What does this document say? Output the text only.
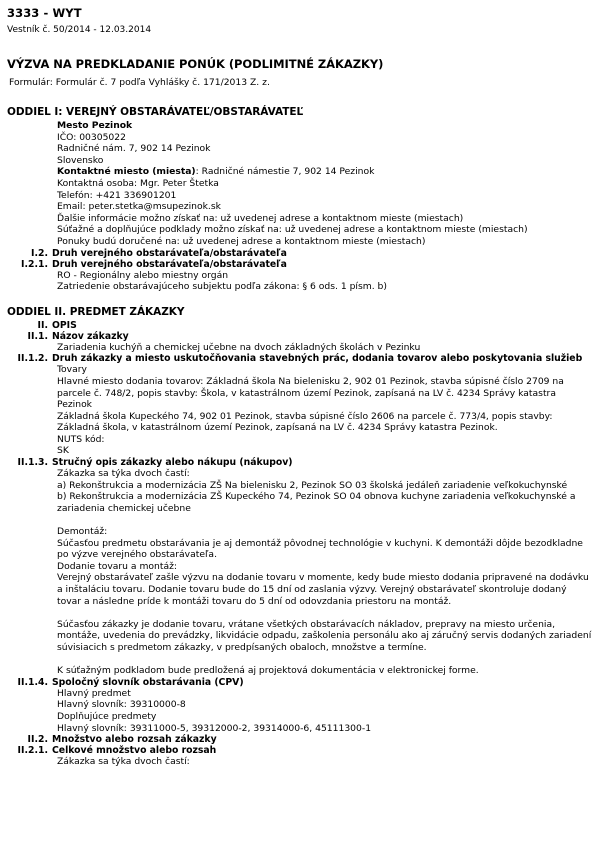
3333 - WYT
Vestník č. 50/2014 - 12.03.2014
VÝZVA NA PREDKLADANIE PONÚK (PODLIMITNÉ ZÁKAZKY)
Formulár: Formulár č. 7 podľa Vyhlášky č. 171/2013 Z. z.
ODDIEL I: VEREJNÝ OBSTARÁVATEĽ/OBSTARÁVATEĽ
Mesto Pezinok
IČO: 00305022
Radničné nám. 7, 902 14 Pezinok
Slovensko
Kontaktné miesto (miesta): Radničné námestie 7, 902 14 Pezinok
Kontaktná osoba: Mgr. Peter Štetka
Telefón: +421 336901201
Email: peter.stetka@msupezinok.sk
Ďalšie informácie možno získať na: už uvedenej adrese a kontaktnom mieste (miestach)
Súťažné a doplňujúce podklady možno získať na: už uvedenej adrese a kontaktnom mieste (miestach)
Ponuky budú doručené na: už uvedenej adrese a kontaktnom mieste (miestach)
I.2. Druh verejného obstarávateľa/obstarávateľa
I.2.1. Druh verejného obstarávateľa/obstarávateľa
RO - Regionálny alebo miestny orgán
Zatriedenie obstarávajúceho subjektu podľa zákona: § 6 ods. 1 písm. b)
ODDIEL II. PREDMET ZÁKAZKY
II. OPIS
II.1. Názov zákazky
Zariadenia kuchýň a chemickej učebne na dvoch základných školách v Pezinku
II.1.2. Druh zákazky a miesto uskutočňovania stavebných prác, dodania tovarov alebo poskytovania služieb
Tovary
Hlavné miesto dodania tovarov: Základná škola Na bielenisku 2, 902 01 Pezinok, stavba súpisné číslo 2709 na parcele č. 748/2, popis stavby: Škola, v katastrálnom území Pezinok, zapísaná na LV č. 4234 Správy katastra Pezinok
Základná škola Kupeckého 74, 902 01 Pezinok, stavba súpisné číslo 2606 na parcele č. 773/4, popis stavby: Základná škola, v katastrálnom území Pezinok, zapísaná na LV č. 4234 Správy katastra Pezinok.
NUTS kód:
SK
II.1.3. Stručný opis zákazky alebo nákupu (nákupov)
Zákazka sa týka dvoch častí:
a) Rekonštrukcia a modernizácia ZŠ Na bielenisku 2, Pezinok SO 03 školská jedáleň zariadenie veľkokuchynské
b) Rekonštrukcia a modernizácia ZŠ Kupeckého 74, Pezinok SO 04 obnova kuchyne zariadenia veľkokuchynské a zariadenia chemickej učebne
Demontáž:
Súčasťou predmetu obstarávania je aj demontáž pôvodnej technológie v kuchyni. K demontáži dôjde bezodkladne po výzve verejného obstarávateľa.
Dodanie tovaru a montáž:
Verejný obstarávateľ zašle výzvu na dodanie tovaru v momente, kedy bude miesto dodania pripravené na dodávku a inštaláciu tovaru. Dodanie tovaru bude do 15 dní od zaslania výzvy. Verejný obstarávateľ skontroluje dodaný tovar a následne príde k montáži tovaru do 5 dní od odovzdania priestoru na montáž.
Súčasťou zákazky je dodanie tovaru, vrátane všetkých obstarávacích nákladov, prepravy na miesto určenia, montáže, uvedenia do prevádzky, likvidácie odpadu, zaškolenia personálu ako aj záručný servis dodaných zariadení súvisiacich s predmetom zákazky, v predpísaných obaloch, množstve a termíne.
K súťažným podkladom bude predložená aj projektová dokumentácia v elektronickej forme.
II.1.4. Spoločný slovník obstarávania (CPV)
Hlavný predmet
Hlavný slovník: 39310000-8
Doplňujúce predmety
Hlavný slovník: 39311000-5, 39312000-2, 39314000-6, 45111300-1
II.2. Množstvo alebo rozsah zákazky
II.2.1. Celkové množstvo alebo rozsah
Zákazka sa týka dvoch častí:
